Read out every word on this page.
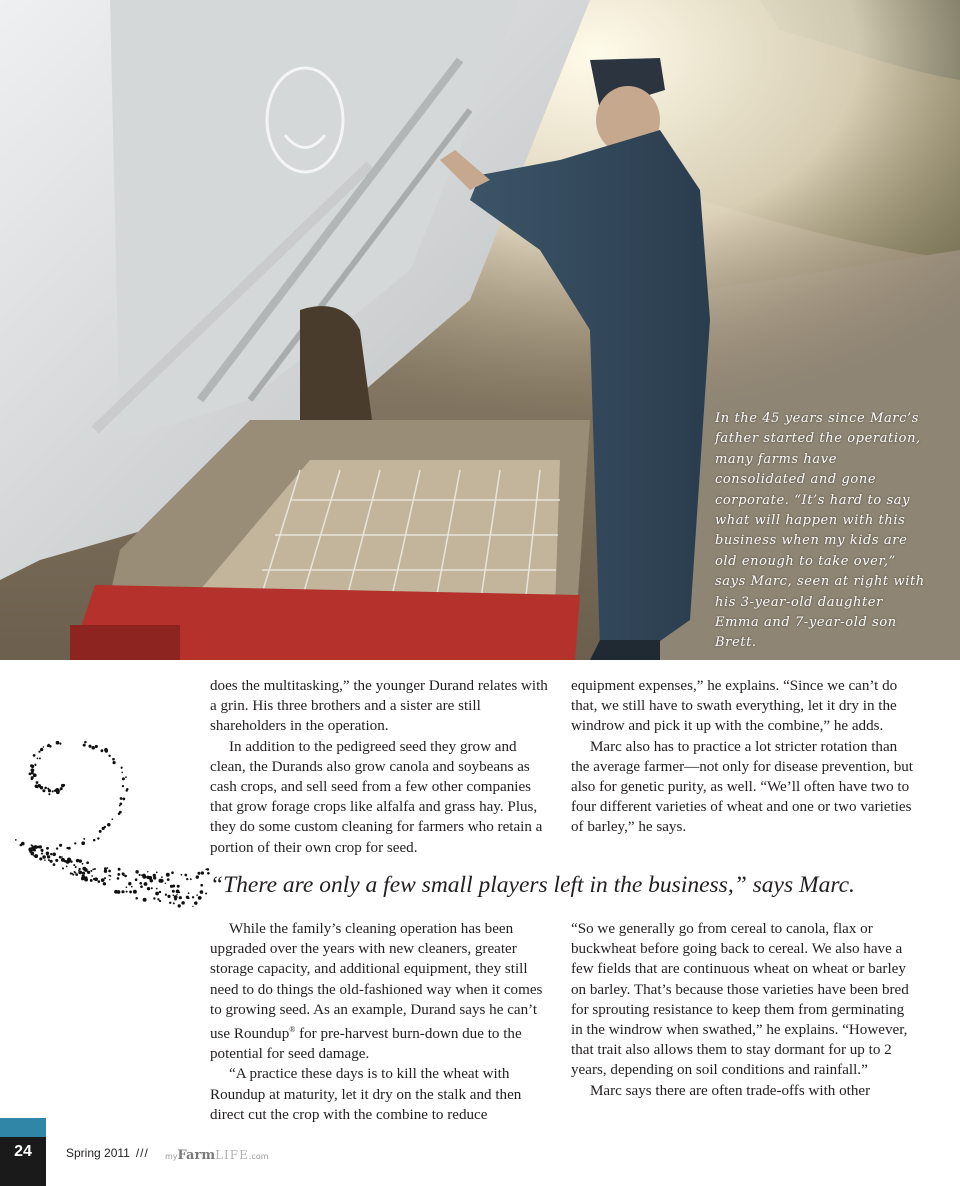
In the 45 years since Marc’s father started the operation, many farms have consolidated and gone corporate. “It’s hard to say what will happen with this business when my kids are old enough to take over,” says Marc, seen at right with his 3-year-old daughter Emma and 7-year-old son Brett.

does the multitasking,” the younger Durand relates with a grin. His three brothers and a sister are still shareholders in the operation.

In addition to the pedigreed seed they grow and clean, the Durands also grow canola and soybeans as cash crops, and sell seed from a few other companies that grow forage crops like alfalfa and grass hay. Plus, they do some custom cleaning for farmers who retain a portion of their own crop for seed.

equipment expenses,” he explains. “Since we can’t do that, we still have to swath everything, let it dry in the windrow and pick it up with the combine,” he adds.

Marc also has to practice a lot stricter rotation than the average farmer—not only for disease prevention, but also for genetic purity, as well. “We’ll often have two to four different varieties of wheat and one or two varieties of barley,” he says.

“There are only a few small players left in the business,” says Marc.

While the family’s cleaning operation has been upgraded over the years with new cleaners, greater storage capacity, and additional equipment, they still need to do things the old-fashioned way when it comes to growing seed. As an example, Durand says he can’t use Roundup® for pre-harvest burn-down due to the potential for seed damage.

“A practice these days is to kill the wheat with Roundup at maturity, let it dry on the stalk and then direct cut the crop with the combine to reduce

“So we generally go from cereal to canola, flax or buckwheat before going back to cereal. We also have a few fields that are continuous wheat on wheat or barley on barley. That’s because those varieties have been bred for sprouting resistance to keep them from germinating in the windrow when swathed,” he explains. “However, that trait also allows them to stay dormant for up to 2 years, depending on soil conditions and rainfall.”

Marc says there are often trade-offs with other

24	Spring 2011 ///	myFarmLIFE.com
